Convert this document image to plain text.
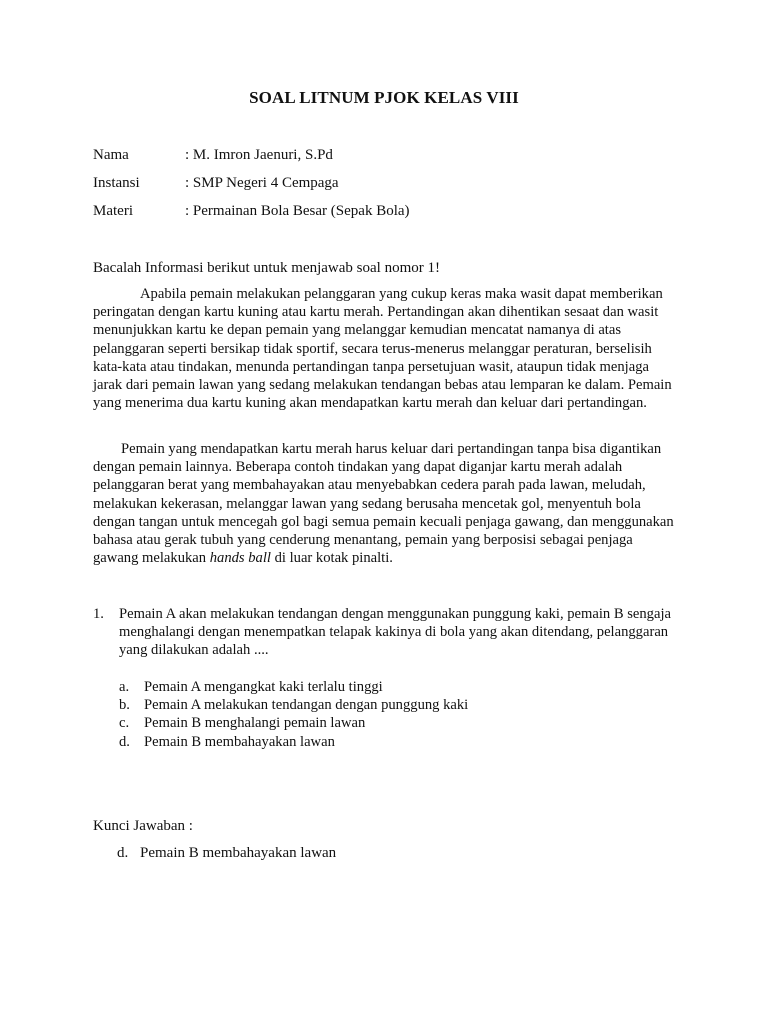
SOAL LITNUM PJOK KELAS VIII
Nama	: M. Imron Jaenuri, S.Pd
Instansi	: SMP Negeri 4 Cempaga
Materi	: Permainan Bola Besar (Sepak Bola)
Bacalah Informasi berikut untuk menjawab soal nomor 1!

Apabila pemain melakukan pelanggaran yang cukup keras maka wasit dapat memberikan peringatan dengan kartu kuning atau kartu merah. Pertandingan akan dihentikan sesaat dan wasit menunjukkan kartu ke depan pemain yang melanggar kemudian mencatat namanya di atas pelanggaran seperti bersikap tidak sportif, secara terus-menerus melanggar peraturan, berselisih kata-kata atau tindakan, menunda pertandingan tanpa persetujuan wasit, ataupun tidak menjaga jarak dari pemain lawan yang sedang melakukan tendangan bebas atau lemparan ke dalam. Pemain yang menerima dua kartu kuning akan mendapatkan kartu merah dan keluar dari pertandingan.

Pemain yang mendapatkan kartu merah harus keluar dari pertandingan tanpa bisa digantikan dengan pemain lainnya. Beberapa contoh tindakan yang dapat diganjar kartu merah adalah pelanggaran berat yang membahayakan atau menyebabkan cedera parah pada lawan, meludah, melakukan kekerasan, melanggar lawan yang sedang berusaha mencetak gol, menyentuh bola dengan tangan untuk mencegah gol bagi semua pemain kecuali penjaga gawang, dan menggunakan bahasa atau gerak tubuh yang cenderung menantang, pemain yang berposisi sebagai penjaga gawang melakukan hands ball di luar kotak pinalti.

1. Pemain A akan melakukan tendangan dengan menggunakan punggung kaki, pemain B sengaja menghalangi dengan menempatkan telapak kakinya di bola yang akan ditendang, pelanggaran yang dilakukan adalah ....
a. Pemain A mengangkat kaki terlalu tinggi
b. Pemain A melakukan tendangan dengan punggung kaki
c. Pemain B menghalangi pemain lawan
d. Pemain B membahayakan lawan
Kunci Jawaban :
d. Pemain B membahayakan lawan
